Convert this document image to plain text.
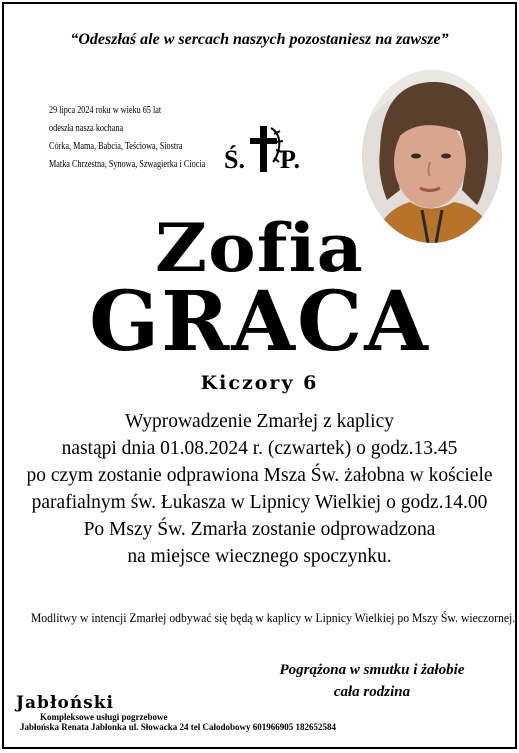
“Odeszłaś ale w sercach naszych pozostaniesz na zawsze”
29 lipca 2024 roku w wieku 65 lat
odeszła nasza kochana
Córka, Mama, Babcia, Teściowa, Siostra
Matka Chrzestna, Synowa, Szwagierka i Ciocia Ś. P.
Zofia
GRACA
Kiczory 6
Wyprowadzenie Zmarłej z kaplicy
nastąpi dnia 01.08.2024 r. (czwartek) o godz.13.45
po czym zostanie odprawiona Msza Św. żałobna w kościele
parafialnym św. Łukasza w Lipnicy Wielkiej o godz.14.00
Po Mszy Św. Zmarła zostanie odprowadzona
na miejsce wiecznego spoczynku.
Modlitwy w intencji Zmarłej odbywać się będą w kaplicy w Lipnicy Wielkiej po Mszy Św. wieczornej.
Pogrążona w smutku i żałobie
cała rodzina
Jabłoński
Kompleksowe usługi pogrzebowe
Jabłońska Renata Jabłonka ul. Słowacka 24 tel Całodobowy 601966905 182652584
